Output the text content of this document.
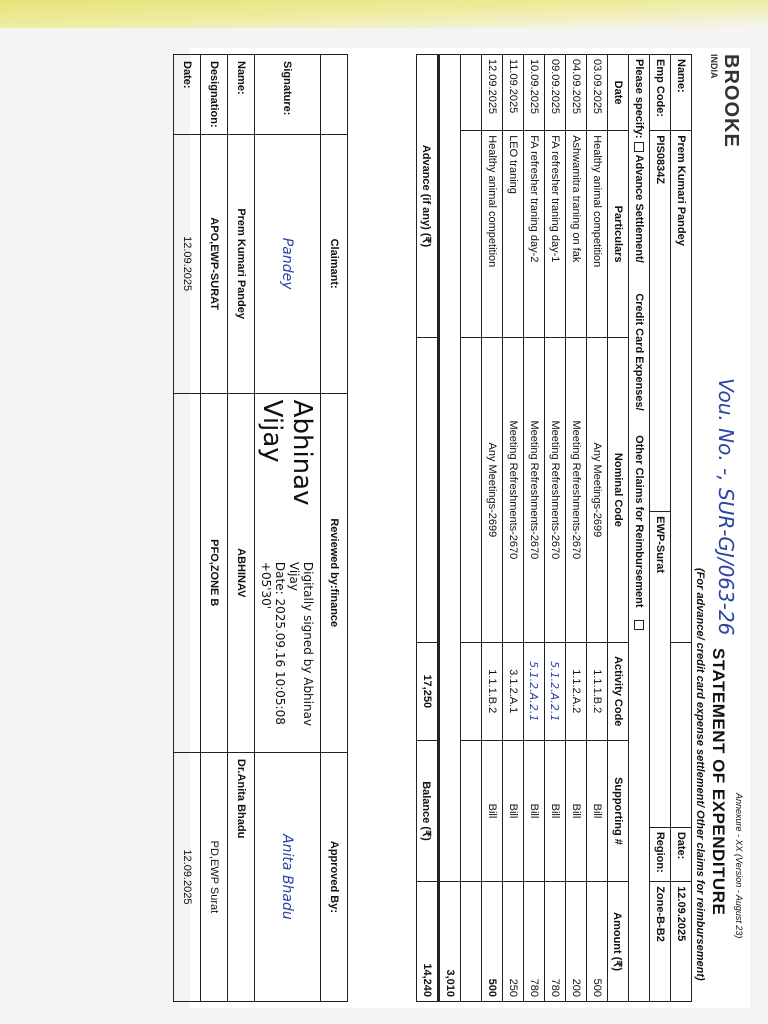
Annexure - XX (Version - August 23)
BROOKE
INDIA
Vou. No. -, SUR-GJ/063-26
STATEMENT OF EXPENDITURE
(For advance/ credit card expense settlement/ Other claims for reimbursement)
Name:	Prem Kumari Pandey					Date:	12.09.2025
Emp Code:	PIS0834Z		EWP-Surat			Region:	Zone-B-B2
Please specify: Advance Settlement/          Credit Card Expenses/        Other Claims for Reimbursement							
Date	Particulars	Nominal Code		Activity Code	Supporting #		Amount (₹)
03.09.2025	Healthy animal competition	Any Meetings-2699		1.1.1.B.2	Bill		500
04.09.2025	Ashwamitra traning on fak	Meeting Refreshments-2670		1.1.2.A.2	Bill		200
09.09.2025	FA refresher traning day-1	Meeting Refreshments-2670		5.1.2.A.2.1	Bill		780
10.09.2025	FA refresher traning day-2	Meeting Refreshments-2670		5.1.2.A.2.1	Bill		780
11.09.2025	LEO traning	Meeting Refreshments-2670		3.1.2.A.1	Bill		250
12.09.2025	Healthy animal competition	Any Meetings-2699		1.1.1.B.2	Bill		500

							3,010
Advance (if any) (₹)				17,250	Balance (₹)		14,240
	Claimant:	Reviewed by:finance	Approved By:
Signature:	Pandey	Abhinav Vijay
Digitally signed by Abhinav Vijay
Date: 2025.09.16 10:05:08 +05'30'	Anita Bhadu
Name:	Prem Kumari Pandey	ABHINAV	Dr.Anita Bhadu
Designation:	APO,EWP-SURAT	PFO,ZONE B	PD,EWP Surat
Date:	12.09.2025		12.09.2025
